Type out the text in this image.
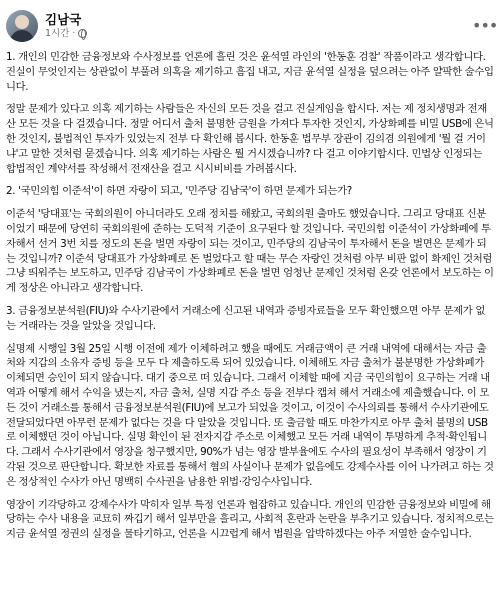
김남국
1시간 ·	•••

1. 개인의 민감한 금융정보와 수사정보를 언론에 흘린 것은 윤석열 라인의 '한동훈 검찰' 작품이라고 생각합니다. 진실이 무엇인지는 상관없이 부풀려 의혹을 제기하고 흠집 내고, 지금 윤석열 실정을 덮으려는 아주 얄팍한 술수입니다.

정말 문제가 있다고 의혹 제기하는 사람들은 자신의 모든 것을 걸고 진실게임을 합시다. 저는 제 정치생명과 전재산 모든 것을 다 걸겠습니다. 정말 어디서 출처 불명한 금원을 가져다 투자한 것인지, 가상화폐를 비밀 USB에 은닉한 것인지, 불법적인 투자가 있었는지 전부 다 확인해 봅시다. 한동훈 법무부 장관이 김의겸 의원에게 '뭘 걸 거이냐'고 말한 것처럼 묻겠습니다. 의혹 제기하는 사람은 뭘 거시겠습니까? 다 걸고 이야기합시다. 민법상 인정되는 합법적인 계약서를 작성해서 전재산을 걸고 시시비비를 가려봅시다.

2. '국민의힘 이준석'이 하면 자랑이 되고, '민주당 김남국'이 하면 문제가 되는가?

이준석 '당대표'는 국회의원이 아니더라도 오래 정치를 해왔고, 국회의원 출마도 했었습니다. 그리고 당대표 신분이었기 때문에 당연히 국회의원에 준하는 도덕적 기준이 요구된다 할 것입니다. 국민의힘 이준석이 가상화폐에 투자해서 선거 3번 치를 정도의 돈을 벌면 자랑이 되는 것이고, 민주당의 김남국이 투자해서 돈을 벌면은 문제가 되는 것입니까? 이준석 당대표가 가상화폐로 돈 벌었다고 할 때는 무슨 자랑인 것처럼 아무 비판 없이 화제인 것처럼 그냥 띄워주는 보도하고, 민주당 김남국이 가상화폐로 돈을 벌면 엄청난 문제인 것처럼 온갖 언론에서 보도하는 이게 정상은 아니라고 생각합니다.

3. 금융정보분석원(FIU)와 수사기관에서 거래소에 신고된 내역과 증빙자료들을 모두 확인했으면 아무 문제가 없는 거래라는 것을 알았을 것입니다.

실명제 시행일 3월 25일 시행 이전에 제가 이체하려고 했을 때에도 거래금액이 큰 거래 내역에 대해서는 자금 출처와 지갑의 소유자 증빙 등을 모두 다 제출하도록 되어 있었습니다. 이체해도 자금 출처가 불분명한 가상화폐가 이체되면 승인이 되지 않습니다. 대기 중으로 떠 있습니다. 그래서 이체할 때에 지금 국민의힘이 요구하는 거래 내역과 어떻게 해서 수익을 냈는지, 자금 출처, 실명 지갑 주소 등을 전부다 캡쳐 해서 거래소에 제출했습니다. 이 모든 것이 거래소를 통해서 금융정보분석원(FIU)에 보고가 되었을 것이고, 이것이 수사의뢰를 통해서 수사기관에도 전달되었다면 아무런 문제가 없다는 것을 다 알았을 것입니다. 또 출금할 때도 마찬가지로 아무 출처 불명의 USB로 이체했던 것이 아닙니다. 실명 확인이 된 전자지갑 주소로 이체했고 모든 거래 내역이 투명하게 추적·확인됩니다. 그래서 수사기관에서 영장을 청구했지만, 90%가 넘는 영장 발부율에도 수사의 필요성이 부족해서 영장이 기각된 것으로 판단합니다. 확보한 자료를 통해서 혐의 사실이나 문제가 없음에도 강제수사를 이어 나가려고 하는 것은 정상적인 수사가 아닌 명백히 수사권을 남용한 위법·강잉수사입니다.

영장이 기각당하고 강제수사가 막히자 일부 특정 언론과 협잡하고 있습니다. 개인의 민감한 금융정보와 비밀에 해당하는 수사 내용을 교묘히 짜깁기 해서 일부만을 흘리고, 사회적 혼란과 논란을 부추기고 있습니다. 정치적으로는 지금 윤석열 정권의 실정을 물타기하고, 언론을 시끄럽게 해서 법원을 압박하겠다는 아주 저열한 술수입니다.
